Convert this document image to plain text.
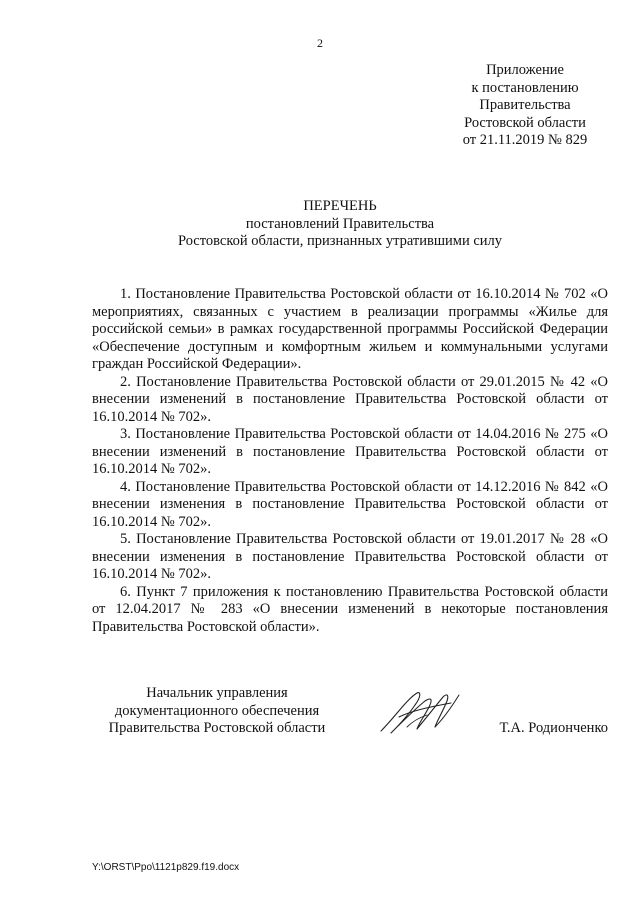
2
Приложение
к постановлению
Правительства
Ростовской области
от 21.11.2019 № 829
ПЕРЕЧЕНЬ
постановлений Правительства
Ростовской области, признанных утратившими силу

1. Постановление Правительства Ростовской области от 16.10.2014 № 702 «О мероприятиях, связанных с участием в реализации программы «Жилье для российской семьи» в рамках государственной программы Российской Федерации «Обеспечение доступным и комфортным жильем и коммунальными услугами граждан Российской Федерации».

2. Постановление Правительства Ростовской области от 29.01.2015 № 42 «О внесении изменений в постановление Правительства Ростовской области от 16.10.2014 № 702».

3. Постановление Правительства Ростовской области от 14.04.2016 № 275 «О внесении изменений в постановление Правительства Ростовской области от 16.10.2014 № 702».

4. Постановление Правительства Ростовской области от 14.12.2016 № 842 «О внесении изменения в постановление Правительства Ростовской области от 16.10.2014 № 702».

5. Постановление Правительства Ростовской области от 19.01.2017 № 28 «О внесении изменения в постановление Правительства Ростовской области от 16.10.2014 № 702».

6. Пункт 7 приложения к постановлению Правительства Ростовской области от 12.04.2017 № 283 «О внесении изменений в некоторые постановления Правительства Ростовской области».

Начальник управления
документационного обеспечения
Правительства Ростовской области	Т.А. Родионченко
Y:\ORST\Ppo\1121p829.f19.docx
